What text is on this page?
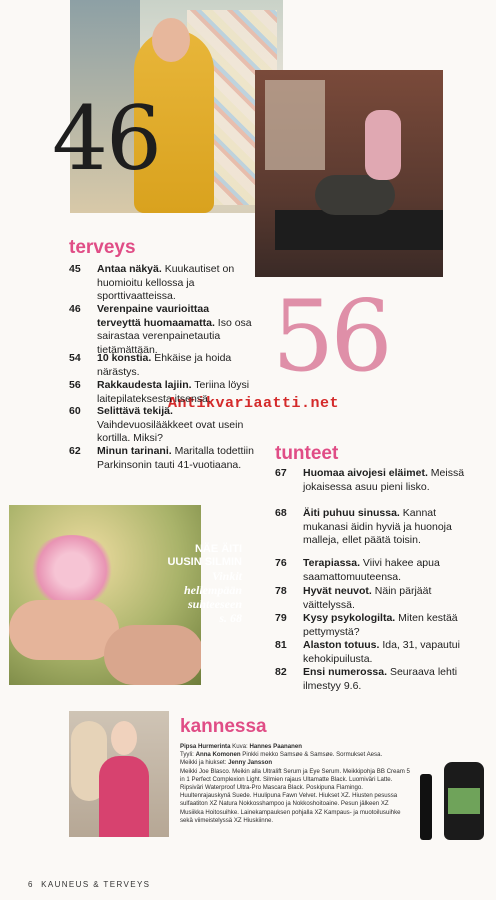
46
56
Antikvariaatti.net
terveys
45 Antaa näkyä. Kuukautiset on huomioitu kellossa ja sporttivaatteissa.
46 Verenpaine vaurioittaa terveyttä huomaamatta. Iso osa sairastaa verenpainetautia tietämättään.
54 10 konstia. Ehkäise ja hoida närästys.
56 Rakkaudesta lajiin. Teriina löysi laitepilateksesta itsensä.
60 Selittävä tekijä. Vaihdevuosilääkkeet ovat usein kortilla. Miksi?
62 Minun tarinani. Maritalla todettiin Parkinsonin tauti 41-vuotiaana.
tunteet
67 Huomaa aivojesi eläimet. Meissä jokaisessa asuu pieni lisko.
68 Äiti puhuu sinussa. Kannat mukanasi äidin hyviä ja huonoja malleja, ellet päätä toisin.
76 Terapiassa. Viivi hakee apua saamattomuuteensa.
78 Hyvät neuvot. Näin pärjäät väittelyssä.
79 Kysy psykologilta. Miten kestää pettymystä?
81 Alaston totuus. Ida, 31, vapautui kehokipuilusta.
82 Ensi numerossa. Seuraava lehti ilmestyy 9.6.
NÄE ÄITI UUSIN SILMIN
Vinkit hellempään suhteeseen
s. 68
kannessa
Pipsa Hurmerinta Kuva: Hannes Paananen
Tyyli: Anna Komonen Pinkki mekko Samsøe & Samsøe. Sormukset Aesa.
Meikki ja hiukset: Jenny Jansson
Meikki Joe Blasco. Meikin alla Ultralift Serum ja Eye Serum. Meikkipohja BB Cream 5 in 1 Perfect Complexion Light. Silmien rajaus Ultamatte Black. Luomiväri Latte. Ripsiväri Waterproof Ultra-Pro Mascara Black. Poskipuna Flamingo. Huultenrajauskynä Suede. Huulipuna Fawn Velvet. Hiukset XZ. Hiusten pesussa sulfaatiton XZ Natura Nokkosshampoo ja Nokkoshoitoaine. Pesun jälkeen XZ Musiikka Hoitosuihke. Lainekampauksen pohjalla XZ Kampaus- ja muotoilusuihke sekä viimeistelyssä XZ Hiuskiinne.
6 KAUNEUS & TERVEYS
